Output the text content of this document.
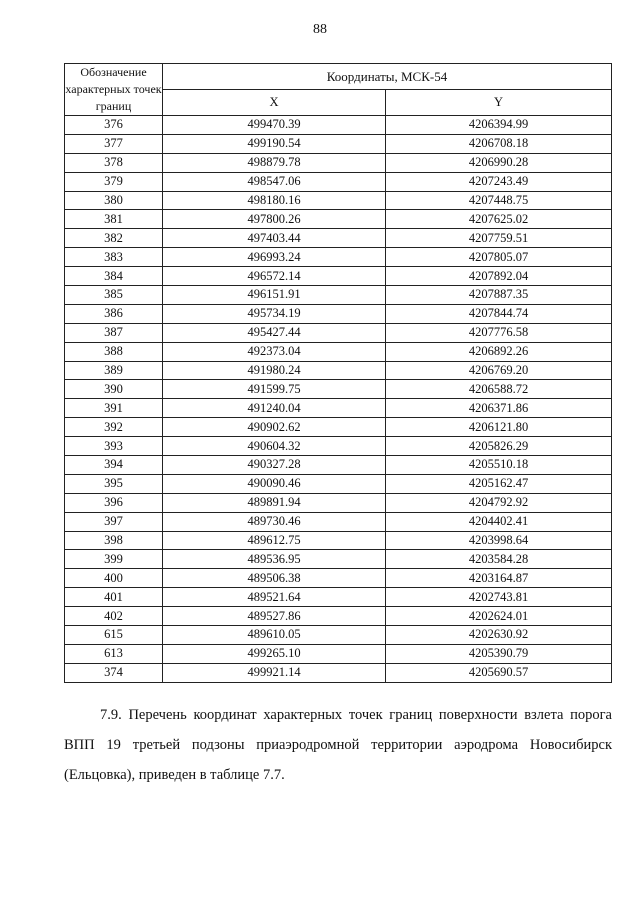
88
Обозначение характерных точек границ	Координаты, МСК-54	
	X	Y
376	499470.39	4206394.99
377	499190.54	4206708.18
378	498879.78	4206990.28
379	498547.06	4207243.49
380	498180.16	4207448.75
381	497800.26	4207625.02
382	497403.44	4207759.51
383	496993.24	4207805.07
384	496572.14	4207892.04
385	496151.91	4207887.35
386	495734.19	4207844.74
387	495427.44	4207776.58
388	492373.04	4206892.26
389	491980.24	4206769.20
390	491599.75	4206588.72
391	491240.04	4206371.86
392	490902.62	4206121.80
393	490604.32	4205826.29
394	490327.28	4205510.18
395	490090.46	4205162.47
396	489891.94	4204792.92
397	489730.46	4204402.41
398	489612.75	4203998.64
399	489536.95	4203584.28
400	489506.38	4203164.87
401	489521.64	4202743.81
402	489527.86	4202624.01
615	489610.05	4202630.92
613	499265.10	4205390.79
374	499921.14	4205690.57
7.9. Перечень координат характерных точек границ поверхности взлета порога ВПП 19 третьей подзоны приаэродромной территории аэродрома Новосибирск (Ельцовка), приведен в таблице 7.7.
